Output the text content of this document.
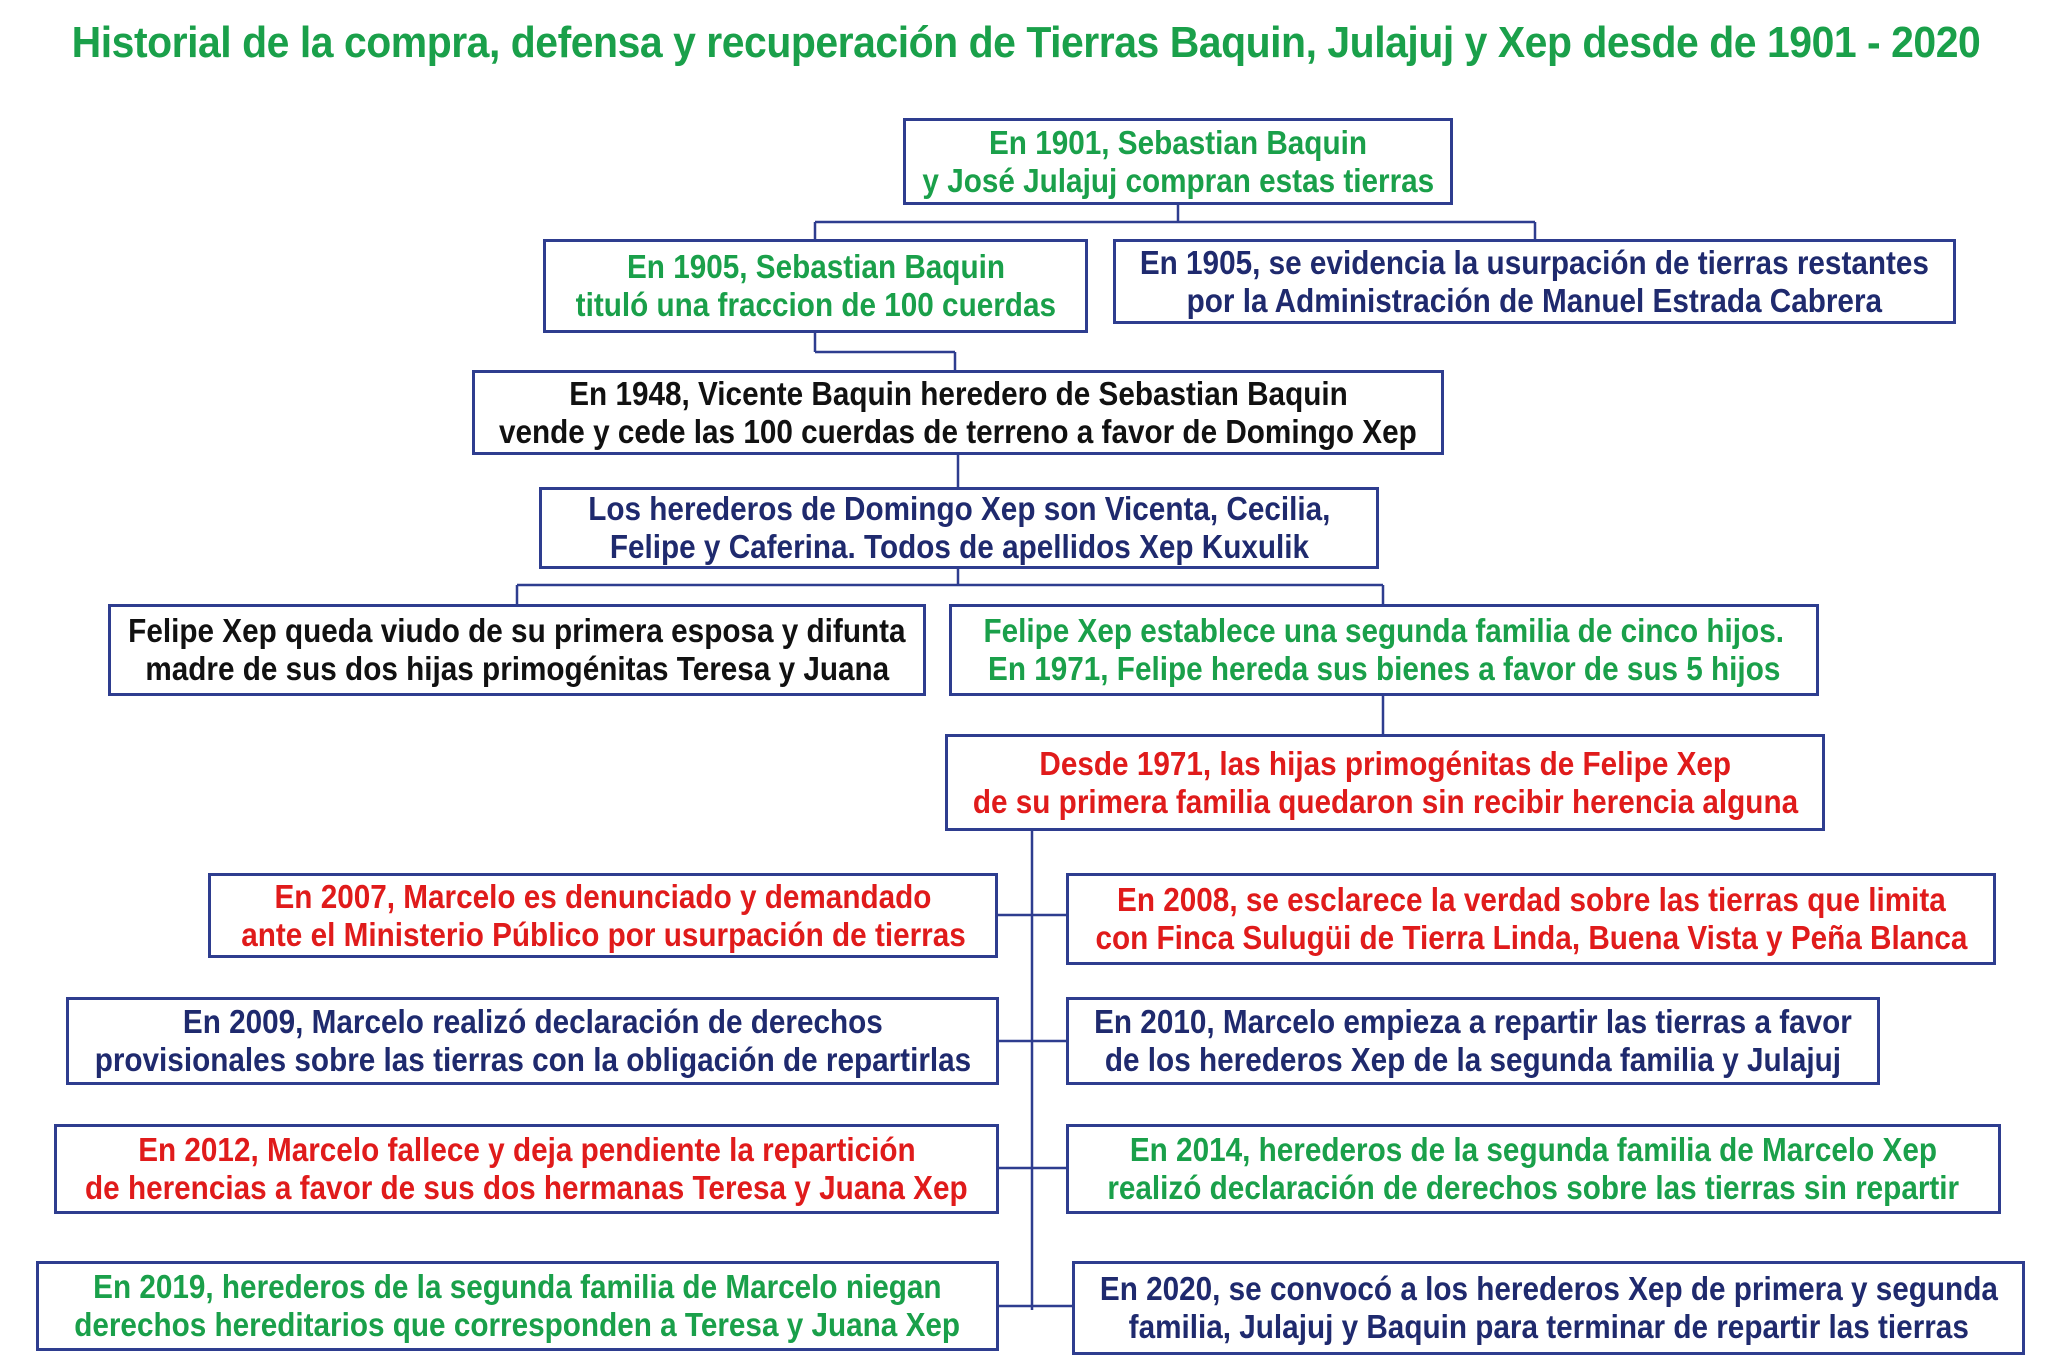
Historial de la compra, defensa y recuperación de Tierras Baquin, Julajuj y Xep desde de 1901 - 2020
En 1901, Sebastian Baquin
y José Julajuj compran estas tierras
En 1905, Sebastian Baquin
tituló una fraccion de 100 cuerdas
En 1905, se evidencia la usurpación de tierras restantes
por la Administración de Manuel Estrada Cabrera
En 1948, Vicente Baquin heredero de Sebastian Baquin
vende y cede las 100 cuerdas de terreno a favor de Domingo Xep
Los herederos de Domingo Xep son Vicenta, Cecilia,
Felipe y Caferina. Todos de apellidos Xep Kuxulik
Felipe Xep queda viudo de su primera esposa y difunta
madre de sus dos hijas primogénitas Teresa y Juana
Felipe Xep establece una segunda familia de cinco hijos.
En 1971, Felipe hereda sus bienes a favor de sus 5 hijos
Desde 1971, las hijas primogénitas de Felipe Xep
de su primera familia quedaron sin recibir herencia alguna
En 2007, Marcelo es denunciado y demandado
ante el Ministerio Público por usurpación de tierras
En 2008, se esclarece la verdad sobre las tierras que limita
con Finca Sulugüi de Tierra Linda, Buena Vista y Peña Blanca
En 2009, Marcelo realizó declaración de derechos
provisionales sobre las tierras con la obligación de repartirlas
En 2010, Marcelo empieza a repartir las tierras a favor
de los herederos Xep de la segunda familia y Julajuj
En 2012, Marcelo fallece y deja pendiente la repartición
de herencias a favor de sus dos hermanas Teresa y Juana Xep
En 2014, herederos de la segunda familia de Marcelo Xep
realizó declaración de derechos sobre las tierras sin repartir
En 2019, herederos de la segunda familia de Marcelo niegan
derechos hereditarios que corresponden a Teresa y Juana Xep
En 2020, se convocó a los herederos Xep de primera y segunda
familia, Julajuj y Baquin para terminar de repartir las tierras
